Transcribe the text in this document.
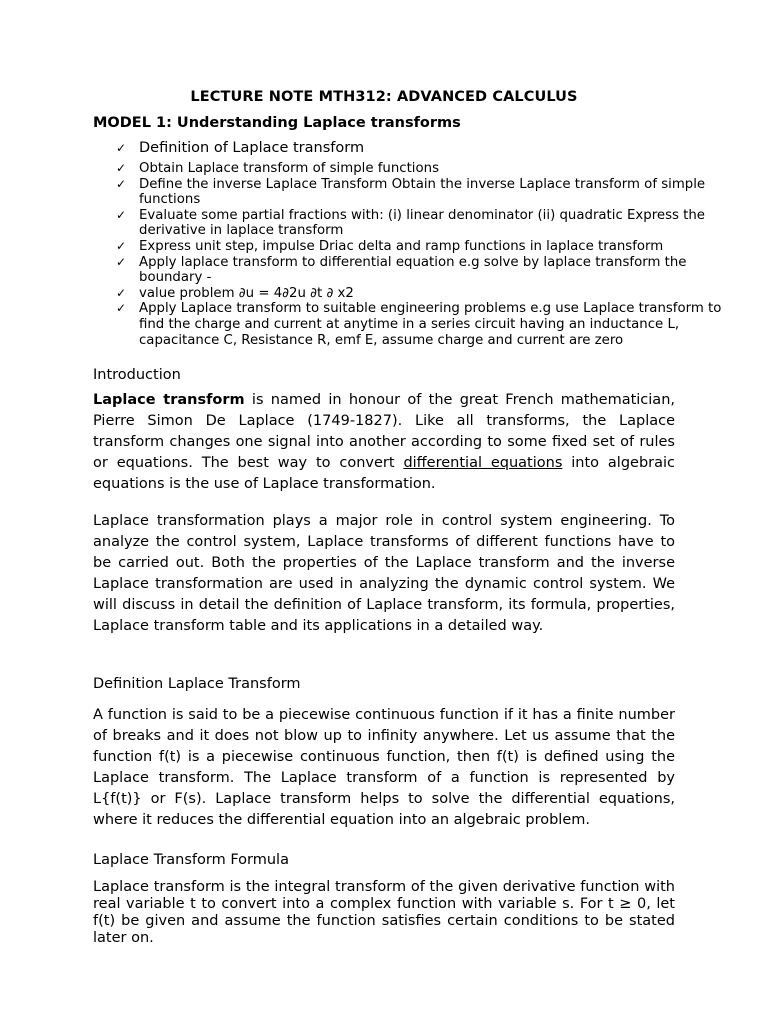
LECTURE NOTE MTH312: ADVANCED CALCULUS
MODEL 1: Understanding Laplace transforms
✓ Definition of Laplace transform
✓ Obtain Laplace transform of simple functions
✓ Define the inverse Laplace Transform Obtain the inverse Laplace transform of simple functions
✓ Evaluate some partial fractions with: (i) linear denominator (ii) quadratic Express the derivative in laplace transform
✓ Express unit step, impulse Driac delta and ramp functions in laplace transform
✓ Apply laplace transform to differential equation e.g solve by laplace transform the boundary -
✓ value problem ∂u = 4∂2u ∂t ∂ x2
✓ Apply Laplace transform to suitable engineering problems e.g use Laplace transform to find the charge and current at anytime in a series circuit having an inductance L, capacitance C, Resistance R, emf E, assume charge and current are zero
Introduction
Laplace transform is named in honour of the great French mathematician, Pierre Simon De Laplace (1749-1827). Like all transforms, the Laplace transform changes one signal into another according to some fixed set of rules or equations. The best way to convert differential equations into algebraic equations is the use of Laplace transformation.
Laplace transformation plays a major role in control system engineering. To analyze the control system, Laplace transforms of different functions have to be carried out. Both the properties of the Laplace transform and the inverse Laplace transformation are used in analyzing the dynamic control system. We will discuss in detail the definition of Laplace transform, its formula, properties, Laplace transform table and its applications in a detailed way.
Definition Laplace Transform
A function is said to be a piecewise continuous function if it has a finite number of breaks and it does not blow up to infinity anywhere. Let us assume that the function f(t) is a piecewise continuous function, then f(t) is defined using the Laplace transform. The Laplace transform of a function is represented by L{f(t)} or F(s). Laplace transform helps to solve the differential equations, where it reduces the differential equation into an algebraic problem.
Laplace Transform Formula
Laplace transform is the integral transform of the given derivative function with real variable t to convert into a complex function with variable s. For t ≥ 0, let f(t) be given and assume the function satisfies certain conditions to be stated later on.
